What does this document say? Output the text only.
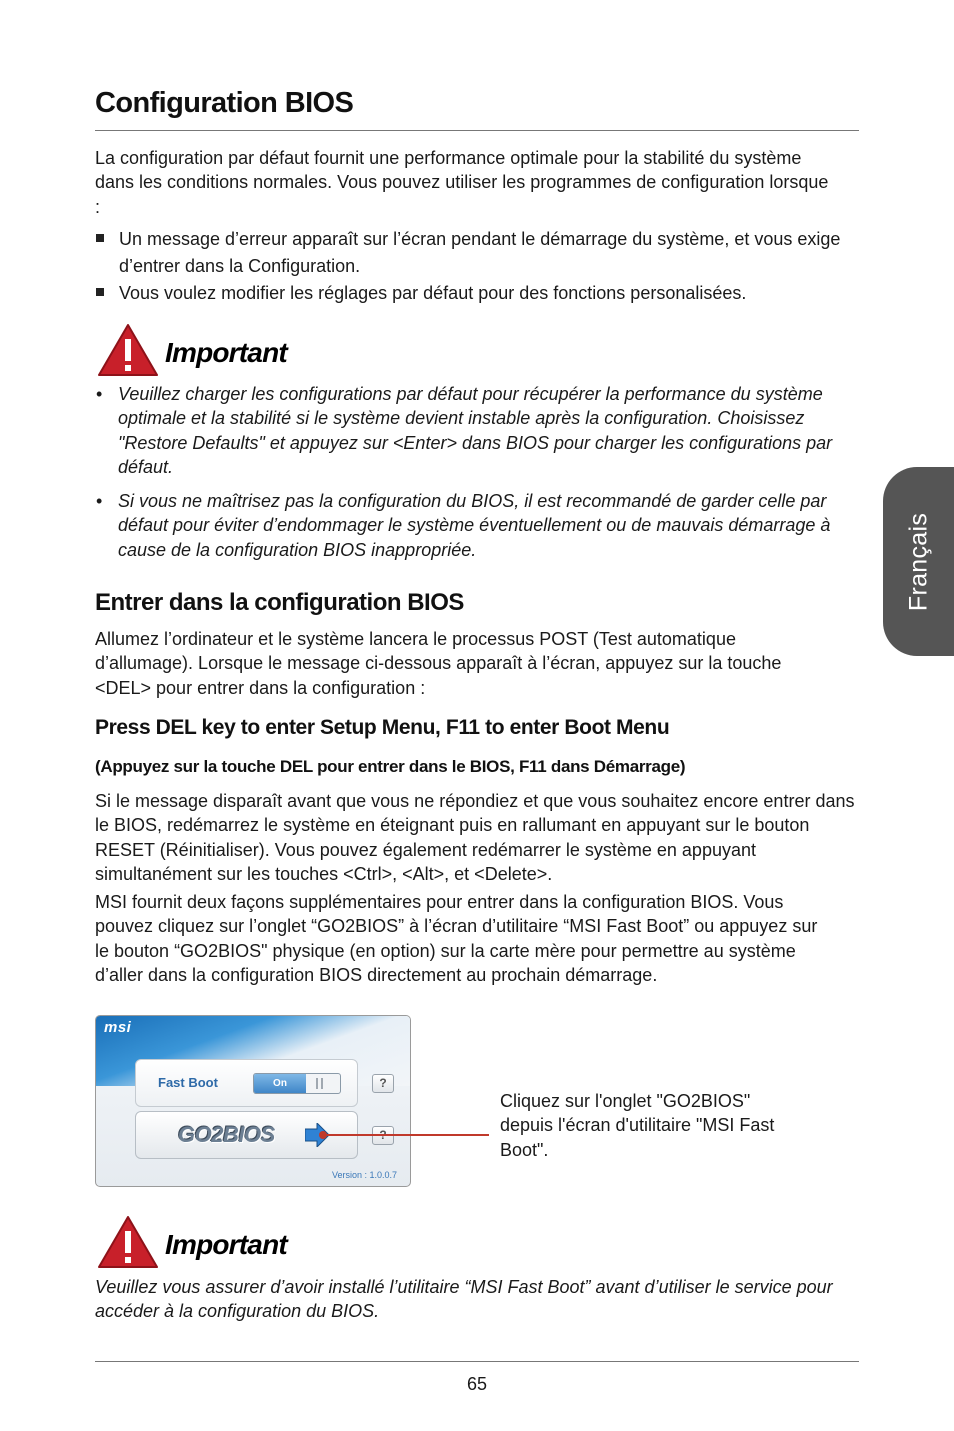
Configuration BIOS

La configuration par défaut fournit une performance optimale pour la stabilité du système dans les conditions normales. Vous pouvez utiliser les programmes de configuration lorsque :

Un message d’erreur apparaît sur l’écran pendant le démarrage du système, et vous exige d’entrer dans la Configuration.
Vous voulez modifier les réglages par défaut pour des fonctions personalisées.
Important
• Veuillez charger les configurations par défaut pour récupérer la performance du système optimale et la stabilité si le système devient instable après la configuration. Choisissez "Restore Defaults" et appuyez sur <Enter> dans BIOS pour charger les configurations par défaut.
• Si vous ne maîtrisez pas la configuration du BIOS, il est recommandé de garder celle par défaut pour éviter d’endommager le système éventuellement ou de mauvais démarrage à cause de la configuration BIOS inappropriée.
Entrer dans la configuration BIOS

Allumez l’ordinateur et le système lancera le processus POST (Test automatique d’allumage). Lorsque le message ci-dessous apparaît à l’écran, appuyez sur la touche <DEL> pour entrer dans la configuration :

Press DEL key to enter Setup Menu, F11 to enter Boot Menu
(Appuyez sur la touche DEL pour entrer dans le BIOS, F11 dans Démarrage)

Si le message disparaît avant que vous ne répondiez et que vous souhaitez encore entrer dans le BIOS, redémarrez le système en éteignant puis en rallumant en appuyant sur le bouton RESET (Réinitialiser). Vous pouvez également redémarrer le système en appuyant simultanément sur les touches <Ctrl>, <Alt>, et <Delete>.

MSI fournit deux façons supplémentaires pour entrer dans la configuration BIOS. Vous pouvez cliquez sur l’onglet “GO2BIOS” à l’écran d’utilitaire “MSI Fast Boot” ou appuyez sur le bouton “GO2BIOS" physique (en option) sur la carte mère pour permettre au système d’aller dans la configuration BIOS directement au prochain démarrage.

msi
Fast Boot	On	?
GO2BIOS
Version : 1.0.0.7
Cliquez sur l'onglet "GO2BIOS" depuis l'écran d'utilitaire "MSI Fast Boot".
Important

Veuillez vous assurer d’avoir installé l’utilitaire “MSI Fast Boot” avant d’utiliser le service pour accéder à la configuration du BIOS.

65
Français
